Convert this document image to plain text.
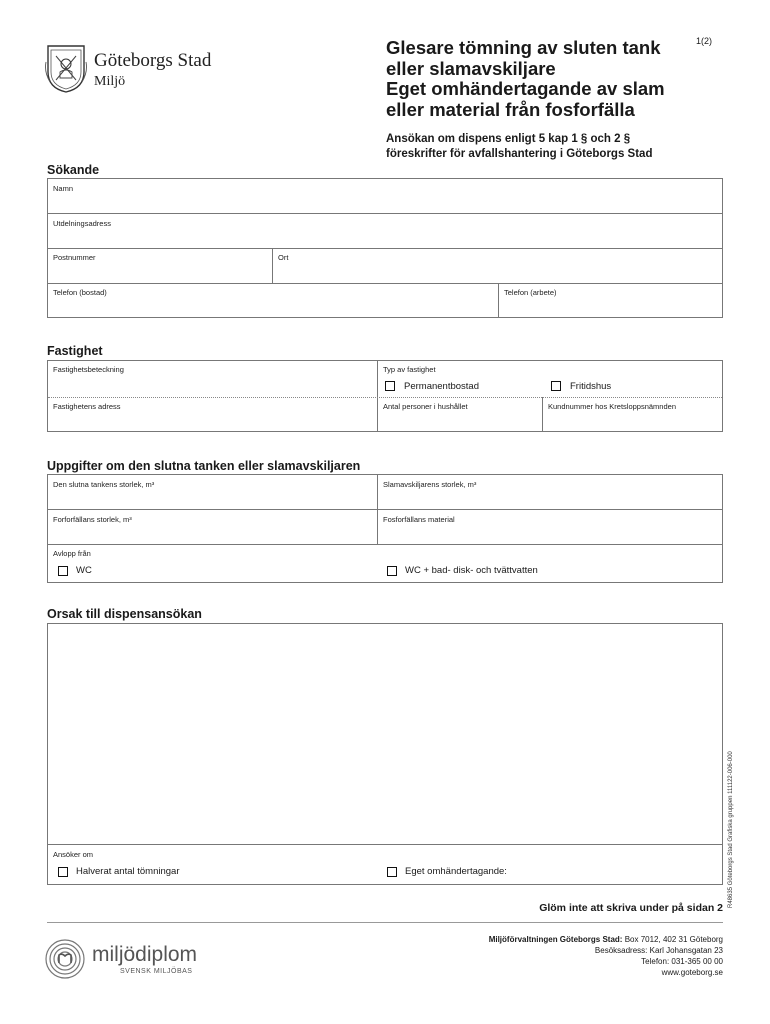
1(2)
Göteborgs Stad
Miljö
Glesare tömning av sluten tank
eller slamavskiljare
Eget omhändertagande av slam
eller material från fosforfälla
Ansökan om dispens enligt 5 kap 1 § och 2 §
föreskrifter för avfallshantering i Göteborgs Stad
Sökande
Namn
Utdelningsadress
Postnummer	Ort
Telefon (bostad)	Telefon (arbete)
Fastighet
Fastighetsbeteckning	Typ av fastighet
Permanentbostad	Fritidshus
Fastighetens adress	Antal personer i hushållet	Kundnummer hos Kretsloppsnämnden
Uppgifter om den slutna tanken eller slamavskiljaren
Den slutna tankens storlek, m³	Slamavskiljarens storlek, m³
Forforfällans storlek, m³	Fosforfällans material
Avlopp från
WC	WC + bad- disk- och tvättvatten
Orsak till dispensansökan
Ansöker om
Halverat antal tömningar	Eget omhändertagande:	R48635 Göteborgs Stad Grafiska gruppen 111122-006-000
Glöm inte att skriva under på sidan 2
miljödiplom
SVENSK MILJÖBAS
Miljöförvaltningen Göteborgs Stad: Box 7012, 402 31 Göteborg
Besöksadress: Karl Johansgatan 23
Telefon: 031-365 00 00
www.goteborg.se
